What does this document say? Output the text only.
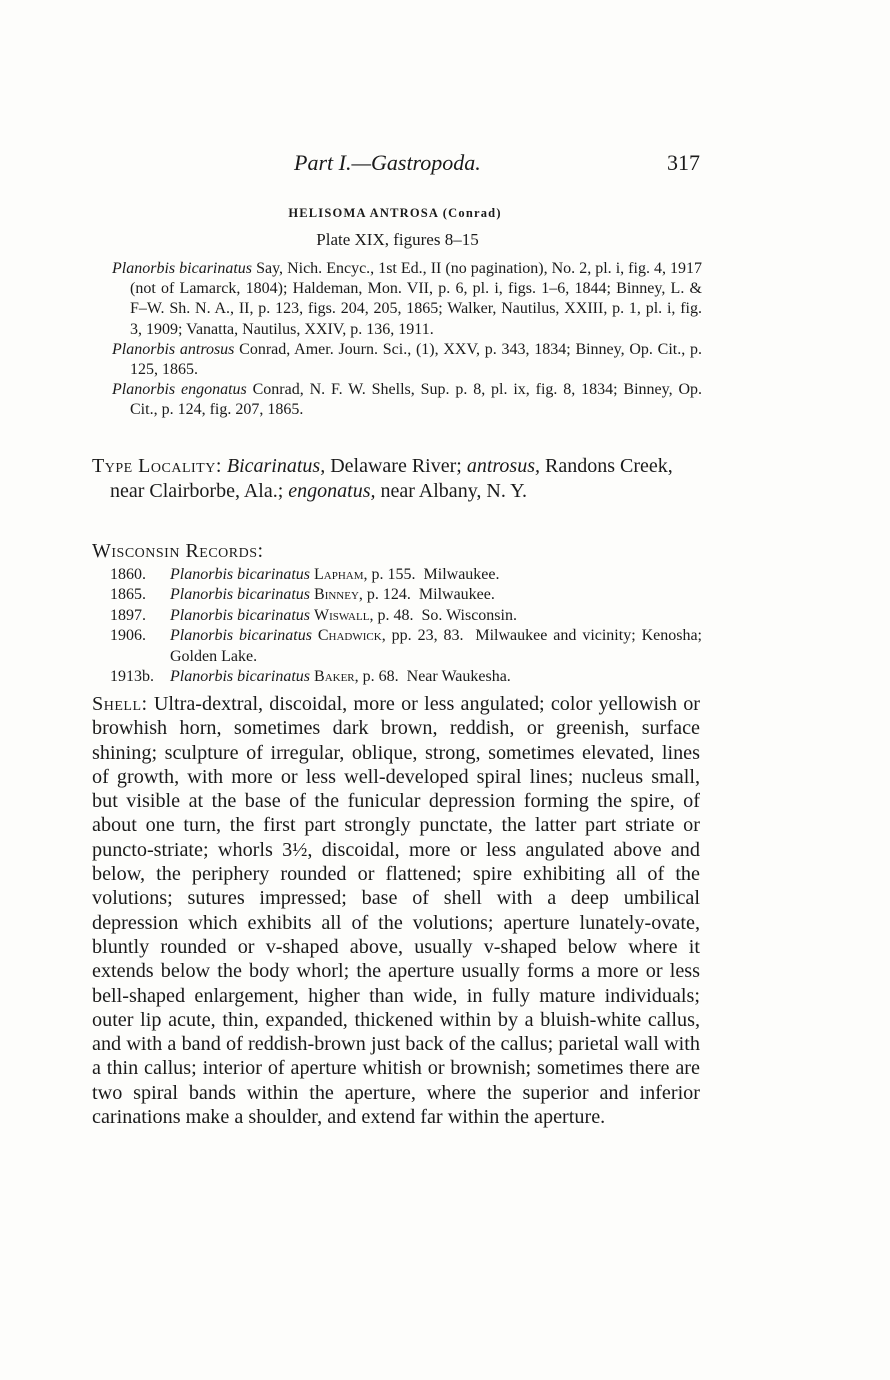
Part I.—Gastropoda.	317
HELISOMA ANTROSA (Conrad)
Plate XIX, figures 8–15
Planorbis bicarinatus Say, Nich. Encyc., 1st Ed., II (no pagination), No. 2, pl. i, fig. 4, 1917 (not of Lamarck, 1804); Haldeman, Mon. VII, p. 6, pl. i, figs. 1–6, 1844; Binney, L. & F–W. Sh. N. A., II, p. 123, figs. 204, 205, 1865; Walker, Nautilus, XXIII, p. 1, pl. i, fig. 3, 1909; Vanatta, Nautilus, XXIV, p. 136, 1911.
Planorbis antrosus Conrad, Amer. Journ. Sci., (1), XXV, p. 343, 1834; Binney, Op. Cit., p. 125, 1865.
Planorbis engonatus Conrad, N. F. W. Shells, Sup. p. 8, pl. ix, fig. 8, 1834; Binney, Op. Cit., p. 124, fig. 207, 1865.
Type Locality: Bicarinatus, Delaware River; antrosus, Randons Creek, near Clairborbe, Ala.; engonatus, near Albany, N. Y.
Wisconsin Records:
1860.	Planorbis bicarinatus Lapham, p. 155. Milwaukee.
1865.	Planorbis bicarinatus Binney, p. 124. Milwaukee.
1897.	Planorbis bicarinatus Wiswall, p. 48. So. Wisconsin.
1906.	Planorbis bicarinatus Chadwick, pp. 23, 83. Milwaukee and vicinity; Kenosha; Golden Lake.
1913b.	Planorbis bicarinatus Baker, p. 68. Near Waukesha.
Shell: Ultra-dextral, discoidal, more or less angulated; color yellowish or browhish horn, sometimes dark brown, reddish, or greenish, surface shining; sculpture of irregular, oblique, strong, sometimes elevated, lines of growth, with more or less well-developed spiral lines; nucleus small, but visible at the base of the funicular depression forming the spire, of about one turn, the first part strongly punctate, the latter part striate or puncto-striate; whorls 3½, discoidal, more or less angulated above and below, the periphery rounded or flattened; spire exhibiting all of the volutions; sutures impressed; base of shell with a deep umbilical depression which exhibits all of the volutions; aperture lunately-ovate, bluntly rounded or v-shaped above, usually v-shaped below where it extends below the body whorl; the aperture usually forms a more or less bell-shaped enlargement, higher than wide, in fully mature individuals; outer lip acute, thin, expanded, thickened within by a bluish-white callus, and with a band of reddish-brown just back of the callus; parietal wall with a thin callus; interior of aperture whitish or brownish; sometimes there are two spiral bands within the aperture, where the superior and inferior carinations make a shoulder, and extend far within the aperture.
